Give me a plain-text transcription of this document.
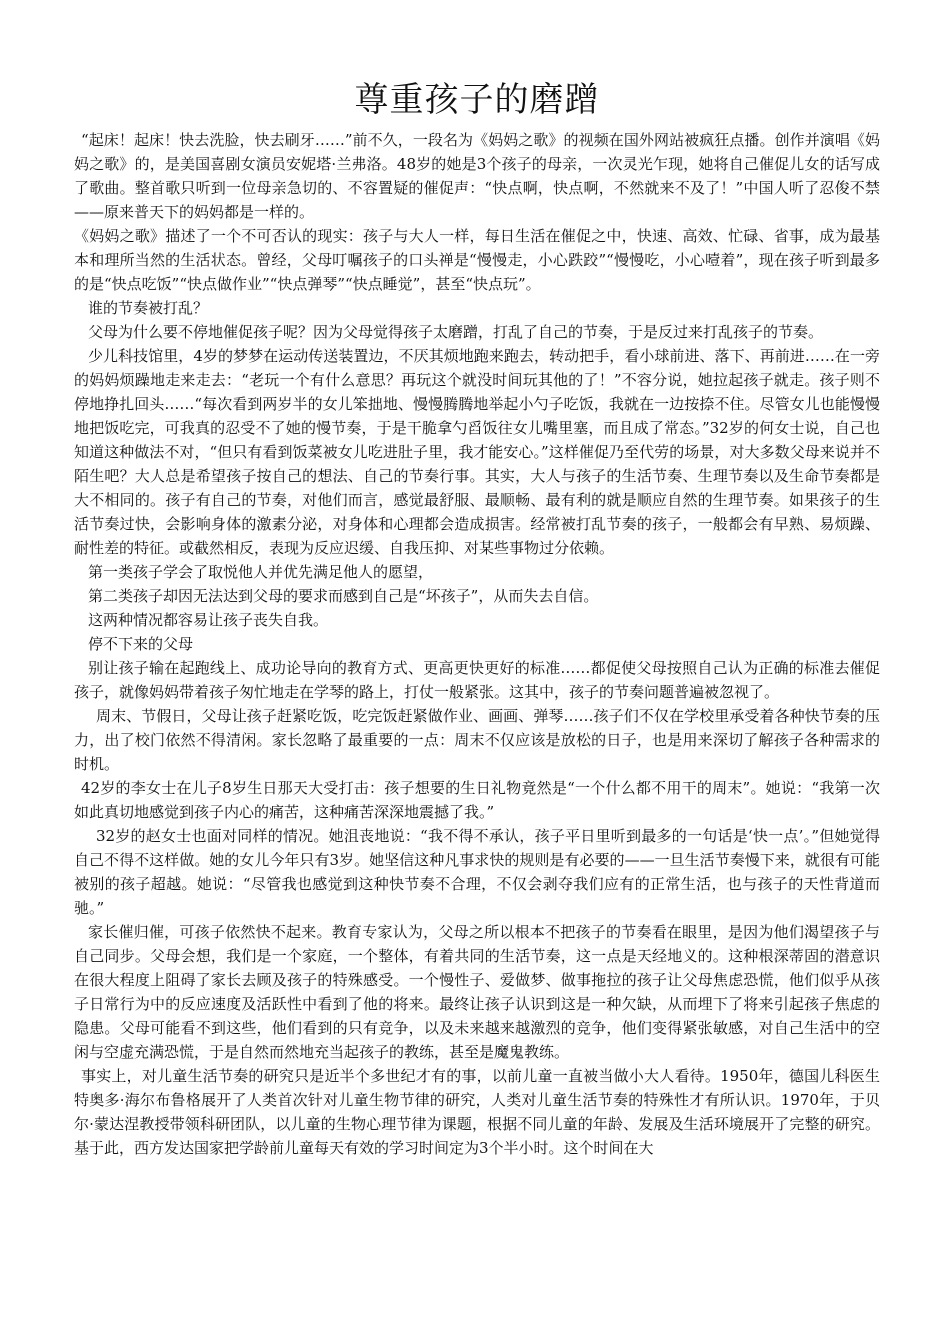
尊重孩子的磨蹭

“起床！起床！快去洗脸，快去刷牙……”前不久，一段名为《妈妈之歌》的视频在国外网站被疯狂点播。创作并演唱《妈妈之歌》的，是美国喜剧女演员安妮塔·兰弗洛。48岁的她是3个孩子的母亲，一次灵光乍现，她将自己催促儿女的话写成了歌曲。整首歌只听到一位母亲急切的、不容置疑的催促声：“快点啊，快点啊，不然就来不及了！”中国人听了忍俊不禁——原来普天下的妈妈都是一样的。

《妈妈之歌》描述了一个不可否认的现实：孩子与大人一样，每日生活在催促之中，快速、高效、忙碌、省事，成为最基本和理所当然的生活状态。曾经，父母叮嘱孩子的口头禅是“慢慢走，小心跌跤”“慢慢吃，小心噎着”，现在孩子听到最多的是“快点吃饭”“快点做作业”“快点弹琴”“快点睡觉”，甚至“快点玩”。

谁的节奏被打乱？

父母为什么要不停地催促孩子呢？因为父母觉得孩子太磨蹭，打乱了自己的节奏，于是反过来打乱孩子的节奏。

少儿科技馆里，4岁的梦梦在运动传送装置边，不厌其烦地跑来跑去，转动把手，看小球前进、落下、再前进……在一旁的妈妈烦躁地走来走去：“老玩一个有什么意思？再玩这个就没时间玩其他的了！”不容分说，她拉起孩子就走。孩子则不停地挣扎回头……“每次看到两岁半的女儿笨拙地、慢慢腾腾地举起小勺子吃饭，我就在一边按捺不住。尽管女儿也能慢慢地把饭吃完，可我真的忍受不了她的慢节奏，于是干脆拿勺舀饭往女儿嘴里塞，而且成了常态。”32岁的何女士说，自己也知道这种做法不对，“但只有看到饭菜被女儿吃进肚子里，我才能安心。”这样催促乃至代劳的场景，对大多数父母来说并不陌生吧？大人总是希望孩子按自己的想法、自己的节奏行事。其实，大人与孩子的生活节奏、生理节奏以及生命节奏都是大不相同的。孩子有自己的节奏，对他们而言，感觉最舒服、最顺畅、最有利的就是顺应自然的生理节奏。如果孩子的生活节奏过快，会影响身体的激素分泌，对身体和心理都会造成损害。经常被打乱节奏的孩子，一般都会有早熟、易烦躁、耐性差的特征。或截然相反，表现为反应迟缓、自我压抑、对某些事物过分依赖。

第一类孩子学会了取悦他人并优先满足他人的愿望，

第二类孩子却因无法达到父母的要求而感到自己是“坏孩子”，从而失去自信。

这两种情况都容易让孩子丧失自我。

停不下来的父母

别让孩子输在起跑线上、成功论导向的教育方式、更高更快更好的标准……都促使父母按照自己认为正确的标准去催促孩子，就像妈妈带着孩子匆忙地走在学琴的路上，打仗一般紧张。这其中，孩子的节奏问题普遍被忽视了。

周末、节假日，父母让孩子赶紧吃饭，吃完饭赶紧做作业、画画、弹琴……孩子们不仅在学校里承受着各种快节奏的压力，出了校门依然不得清闲。家长忽略了最重要的一点：周末不仅应该是放松的日子，也是用来深切了解孩子各种需求的时机。

42岁的李女士在儿子8岁生日那天大受打击：孩子想要的生日礼物竟然是“一个什么都不用干的周末”。她说：“我第一次如此真切地感觉到孩子内心的痛苦，这种痛苦深深地震撼了我。”

32岁的赵女士也面对同样的情况。她沮丧地说：“我不得不承认，孩子平日里听到最多的一句话是‘快一点’。”但她觉得自己不得不这样做。她的女儿今年只有3岁。她坚信这种凡事求快的规则是有必要的——一旦生活节奏慢下来，就很有可能被别的孩子超越。她说：“尽管我也感觉到这种快节奏不合理，不仅会剥夺我们应有的正常生活，也与孩子的天性背道而驰。”

家长催归催，可孩子依然快不起来。教育专家认为，父母之所以根本不把孩子的节奏看在眼里，是因为他们渴望孩子与自己同步。父母会想，我们是一个家庭，一个整体，有着共同的生活节奏，这一点是天经地义的。这种根深蒂固的潜意识在很大程度上阻碍了家长去顾及孩子的特殊感受。一个慢性子、爱做梦、做事拖拉的孩子让父母焦虑恐慌，他们似乎从孩子日常行为中的反应速度及活跃性中看到了他的将来。最终让孩子认识到这是一种欠缺，从而埋下了将来引起孩子焦虑的隐患。父母可能看不到这些，他们看到的只有竞争，以及未来越来越激烈的竞争，他们变得紧张敏感，对自己生活中的空闲与空虚充满恐慌，于是自然而然地充当起孩子的教练，甚至是魔鬼教练。

事实上，对儿童生活节奏的研究只是近半个多世纪才有的事，以前儿童一直被当做小大人看待。1950年，德国儿科医生特奥多·海尔布鲁格展开了人类首次针对儿童生物节律的研究，人类对儿童生活节奏的特殊性才有所认识。1970年，于贝尔·蒙达涅教授带领科研团队，以儿童的生物心理节律为课题，根据不同儿童的年龄、发展及生活环境展开了完整的研究。基于此，西方发达国家把学龄前儿童每天有效的学习时间定为3个半小时。这个时间在大
